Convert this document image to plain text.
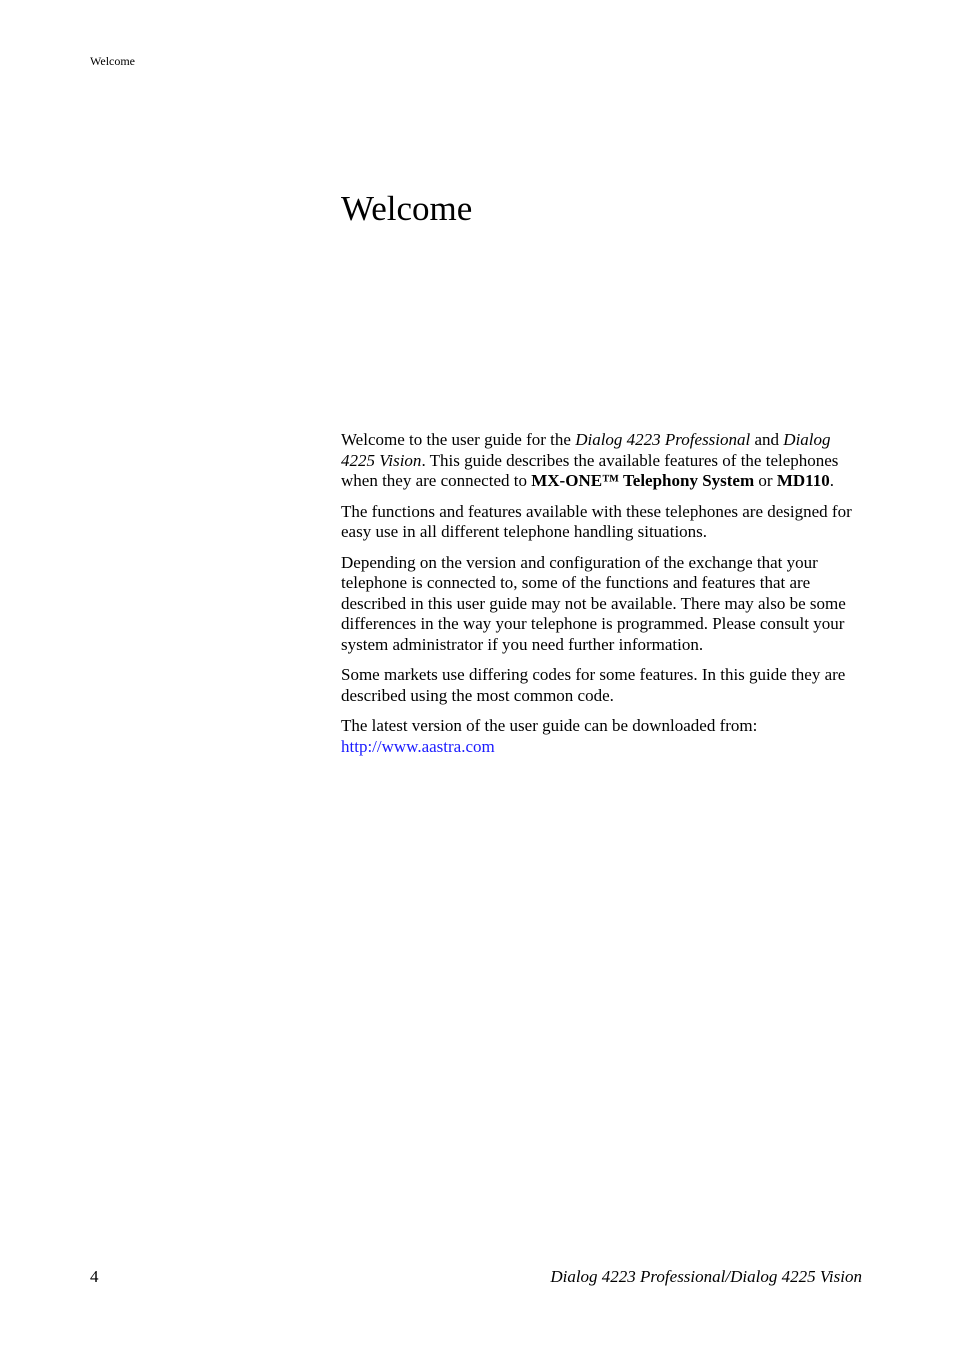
Welcome
Welcome

Welcome to the user guide for the Dialog 4223 Professional and Dialog 4225 Vision. This guide describes the available features of the telephones when they are connected to MX-ONE™ Telephony System or MD110.

The functions and features available with these telephones are designed for easy use in all different telephone handling situations.

Depending on the version and configuration of the exchange that your telephone is connected to, some of the functions and features that are described in this user guide may not be available. There may also be some differences in the way your telephone is programmed. Please consult your system administrator if you need further information.

Some markets use differing codes for some features. In this guide they are described using the most common code.

The latest version of the user guide can be downloaded from:
http://www.aastra.com

4	Dialog 4223 Professional/Dialog 4225 Vision
